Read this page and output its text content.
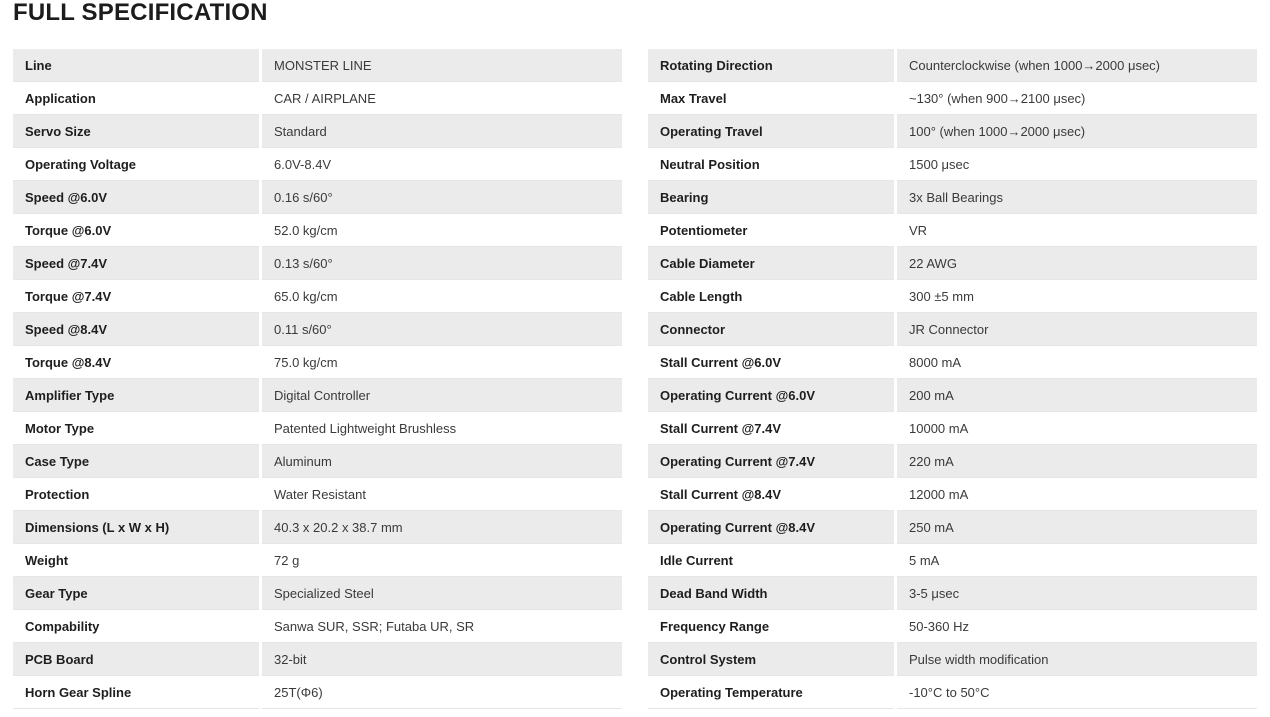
FULL SPECIFICATION
Line	MONSTER LINE
Application	CAR / AIRPLANE
Servo Size	Standard
Operating Voltage	6.0V-8.4V
Speed @6.0V	0.16 s/60°
Torque @6.0V	52.0 kg/cm
Speed @7.4V	0.13 s/60°
Torque @7.4V	65.0 kg/cm
Speed @8.4V	0.11 s/60°
Torque @8.4V	75.0 kg/cm
Amplifier Type	Digital Controller
Motor Type	Patented Lightweight Brushless
Case Type	Aluminum
Protection	Water Resistant
Dimensions (L x W x H)	40.3 x 20.2 x 38.7 mm
Weight	72 g
Gear Type	Specialized Steel
Compability	Sanwa SUR, SSR; Futaba UR, SR
PCB Board	32-bit
Horn Gear Spline	25T(Φ6)
Rotating Direction	Counterclockwise (when 1000→2000 μsec)
Max Travel	~130° (when 900→2100 μsec)
Operating Travel	100° (when 1000→2000 μsec)
Neutral Position	1500 μsec
Bearing	3x Ball Bearings
Potentiometer	VR
Cable Diameter	22 AWG
Cable Length	300 ±5 mm
Connector	JR Connector
Stall Current @6.0V	8000 mA
Operating Current @6.0V	200 mA
Stall Current @7.4V	10000 mA
Operating Current @7.4V	220 mA
Stall Current @8.4V	12000 mA
Operating Current @8.4V	250 mA
Idle Current	5 mA
Dead Band Width	3-5 μsec
Frequency Range	50-360 Hz
Control System	Pulse width modification
Operating Temperature	-10°C to 50°C
